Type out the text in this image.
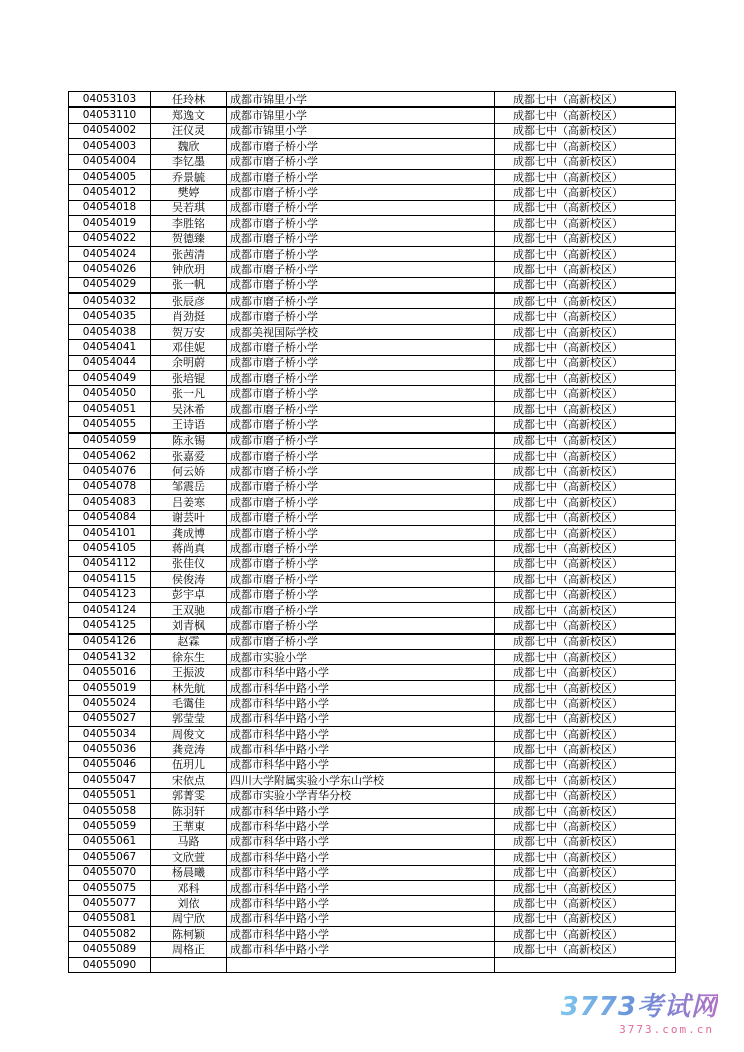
04053103	任玲林	成都市锦里小学	成都七中（高新校区）
04053110	郑逸文	成都市锦里小学	成都七中（高新校区）
04054002	汪仪灵	成都市锦里小学	成都七中（高新校区）
04054003	魏欣	成都市磨子桥小学	成都七中（高新校区）
04054004	李钇墨	成都市磨子桥小学	成都七中（高新校区）
04054005	乔景毓	成都市磨子桥小学	成都七中（高新校区）
04054012	樊婷	成都市磨子桥小学	成都七中（高新校区）
04054018	吴若琪	成都市磨子桥小学	成都七中（高新校区）
04054019	李胜铭	成都市磨子桥小学	成都七中（高新校区）
04054022	贺德臻	成都市磨子桥小学	成都七中（高新校区）
04054024	张茜清	成都市磨子桥小学	成都七中（高新校区）
04054026	钟欣玥	成都市磨子桥小学	成都七中（高新校区）
04054029	张一帆	成都市磨子桥小学	成都七中（高新校区）
04054032	张辰彦	成都市磨子桥小学	成都七中（高新校区）
04054035	肖劲挺	成都市磨子桥小学	成都七中（高新校区）
04054038	贺万安	成都美视国际学校	成都七中（高新校区）
04054041	邓佳妮	成都市磨子桥小学	成都七中（高新校区）
04054044	余明蔚	成都市磨子桥小学	成都七中（高新校区）
04054049	张培锟	成都市磨子桥小学	成都七中（高新校区）
04054050	张一凡	成都市磨子桥小学	成都七中（高新校区）
04054051	吴沐希	成都市磨子桥小学	成都七中（高新校区）
04054055	王诗语	成都市磨子桥小学	成都七中（高新校区）
04054059	陈永锡	成都市磨子桥小学	成都七中（高新校区）
04054062	张嘉爱	成都市磨子桥小学	成都七中（高新校区）
04054076	何云娇	成都市磨子桥小学	成都七中（高新校区）
04054078	邹震岳	成都市磨子桥小学	成都七中（高新校区）
04054083	吕姜寒	成都市磨子桥小学	成都七中（高新校区）
04054084	谢芸叶	成都市磨子桥小学	成都七中（高新校区）
04054101	龚成博	成都市磨子桥小学	成都七中（高新校区）
04054105	蒋尚真	成都市磨子桥小学	成都七中（高新校区）
04054112	张佳仪	成都市磨子桥小学	成都七中（高新校区）
04054115	侯俊涛	成都市磨子桥小学	成都七中（高新校区）
04054123	彭宇卓	成都市磨子桥小学	成都七中（高新校区）
04054124	王双驰	成都市磨子桥小学	成都七中（高新校区）
04054125	刘青枫	成都市磨子桥小学	成都七中（高新校区）
04054126	赵霖	成都市磨子桥小学	成都七中（高新校区）
04054132	徐东生	成都市实验小学	成都七中（高新校区）
04055016	王振波	成都市科华中路小学	成都七中（高新校区）
04055019	林先航	成都市科华中路小学	成都七中（高新校区）
04055024	毛霭佳	成都市科华中路小学	成都七中（高新校区）
04055027	郭莹莹	成都市科华中路小学	成都七中（高新校区）
04055034	周俊文	成都市科华中路小学	成都七中（高新校区）
04055036	龚竞涛	成都市科华中路小学	成都七中（高新校区）
04055046	伍玥儿	成都市科华中路小学	成都七中（高新校区）
04055047	宋依点	四川大学附属实验小学东山学校	成都七中（高新校区）
04055051	郭菁雯	成都市实验小学青华分校	成都七中（高新校区）
04055058	陈羽轩	成都市科华中路小学	成都七中（高新校区）
04055059	王華東	成都市科华中路小学	成都七中（高新校区）
04055061	马路	成都市科华中路小学	成都七中（高新校区）
04055067	文欣萱	成都市科华中路小学	成都七中（高新校区）
04055070	杨晨曦	成都市科华中路小学	成都七中（高新校区）
04055075	邓科	成都市科华中路小学	成都七中（高新校区）
04055077	刘依	成都市科华中路小学	成都七中（高新校区）
04055081	周宁欣	成都市科华中路小学	成都七中（高新校区）
04055082	陈柯颖	成都市科华中路小学	成都七中（高新校区）
04055089	周格正	成都市科华中路小学	成都七中（高新校区）
04055090			
3773考试网
3773.com.cn
